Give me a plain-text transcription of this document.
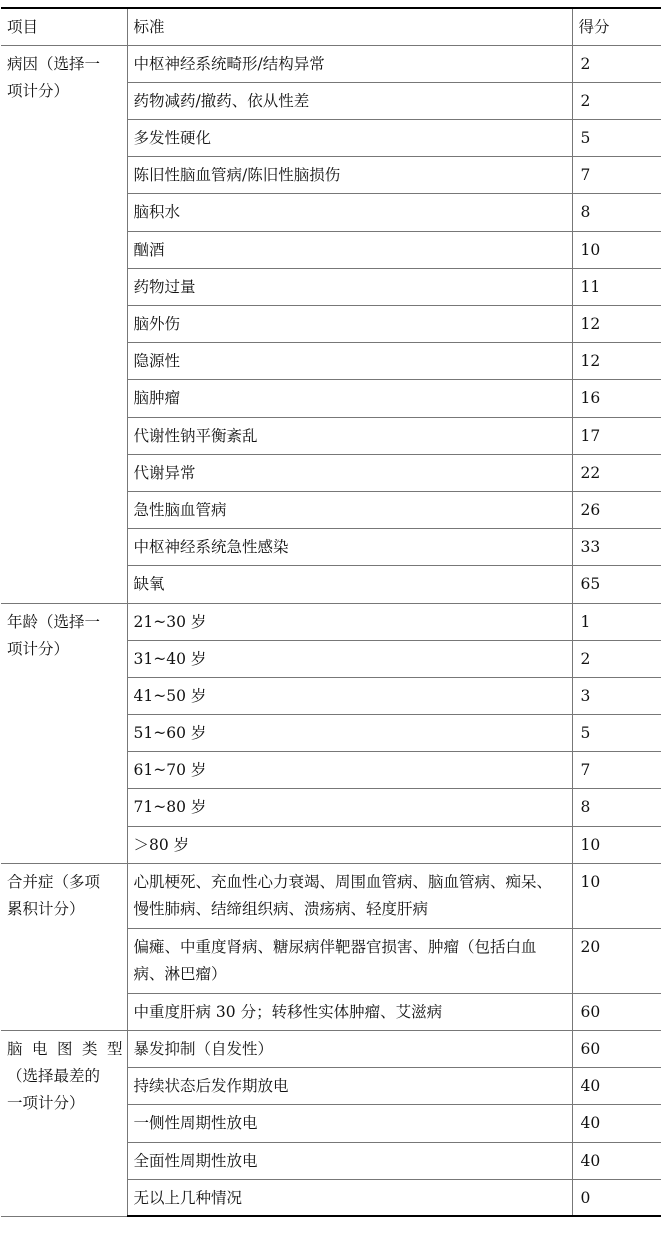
项目	标准	得分

病因（选择一
项计分）	中枢神经系统畸形/结构异常	2
	药物减药/撤药、依从性差	2
	多发性硬化	5
	陈旧性脑血管病/陈旧性脑损伤	7
	脑积水	8
	酗酒	10
	药物过量	11
	脑外伤	12
	隐源性	12
	脑肿瘤	16
	代谢性钠平衡紊乱	17
	代谢异常	22
	急性脑血管病	26
	中枢神经系统急性感染	33
	缺氧	65

年龄（选择一
项计分）	21~30 岁	1
	31~40 岁	2
	41~50 岁	3
	51~60 岁	5
	61~70 岁	7
	71~80 岁	8
	＞80 岁	10

合并症（多项
累积计分）	心肌梗死、充血性心力衰竭、周围血管病、脑血管病、痴呆、慢性肺病、结缔组织病、溃疡病、轻度肝病	10
	偏瘫、中重度肾病、糖尿病伴靶器官损害、肿瘤（包括白血病、淋巴瘤）	20
	中重度肝病 30 分；转移性实体肿瘤、艾滋病	60

脑电图类型
（选择最差的
一项计分）	暴发抑制（自发性）	60
	持续状态后发作期放电	40
	一侧性周期性放电	40
	全面性周期性放电	40
	无以上几种情况	0
